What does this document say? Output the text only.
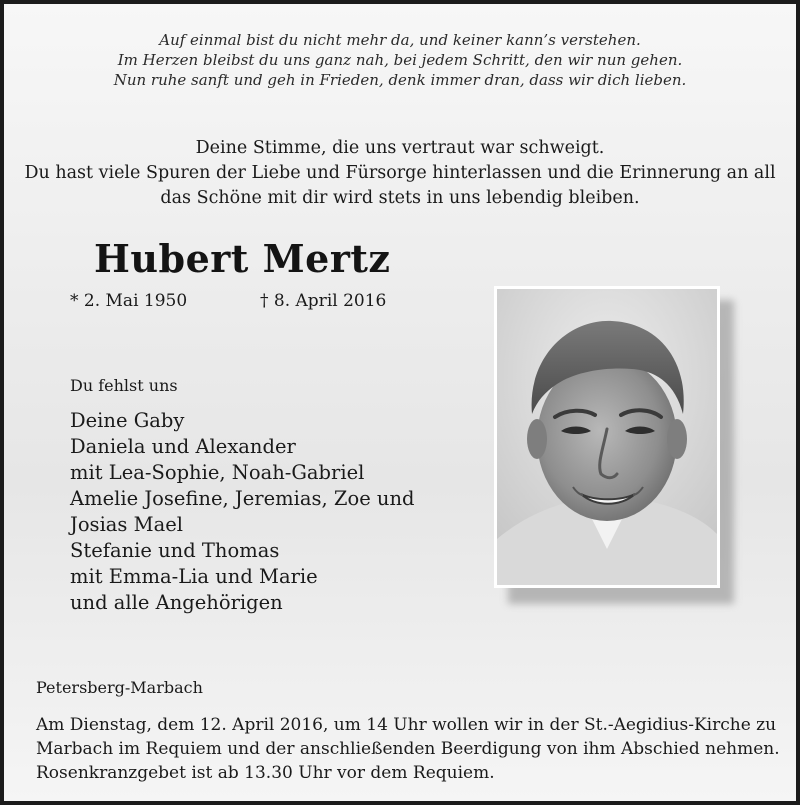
Auf einmal bist du nicht mehr da, und keiner kann’s verstehen.
Im Herzen bleibst du uns ganz nah, bei jedem Schritt, den wir nun gehen.
Nun ruhe sanft und geh in Frieden, denk immer dran, dass wir dich lieben.
Deine Stimme, die uns vertraut war schweigt.
Du hast viele Spuren der Liebe und Fürsorge hinterlassen und die Erinnerung an all
das Schöne mit dir wird stets in uns lebendig bleiben.
Hubert Mertz
* 2. Mai 1950	† 8. April 2016
Du fehlst uns
Deine Gaby
Daniela und Alexander
mit Lea-Sophie, Noah-Gabriel
Amelie Josefine, Jeremias, Zoe und
Josias Mael
Stefanie und Thomas
mit Emma-Lia und Marie
und alle Angehörigen
Petersberg-Marbach
Am Dienstag, dem 12. April 2016, um 14 Uhr wollen wir in der St.-Aegidius-Kirche zu
Marbach im Requiem und der anschließenden Beerdigung von ihm Abschied nehmen.
Rosenkranzgebet ist ab 13.30 Uhr vor dem Requiem.
